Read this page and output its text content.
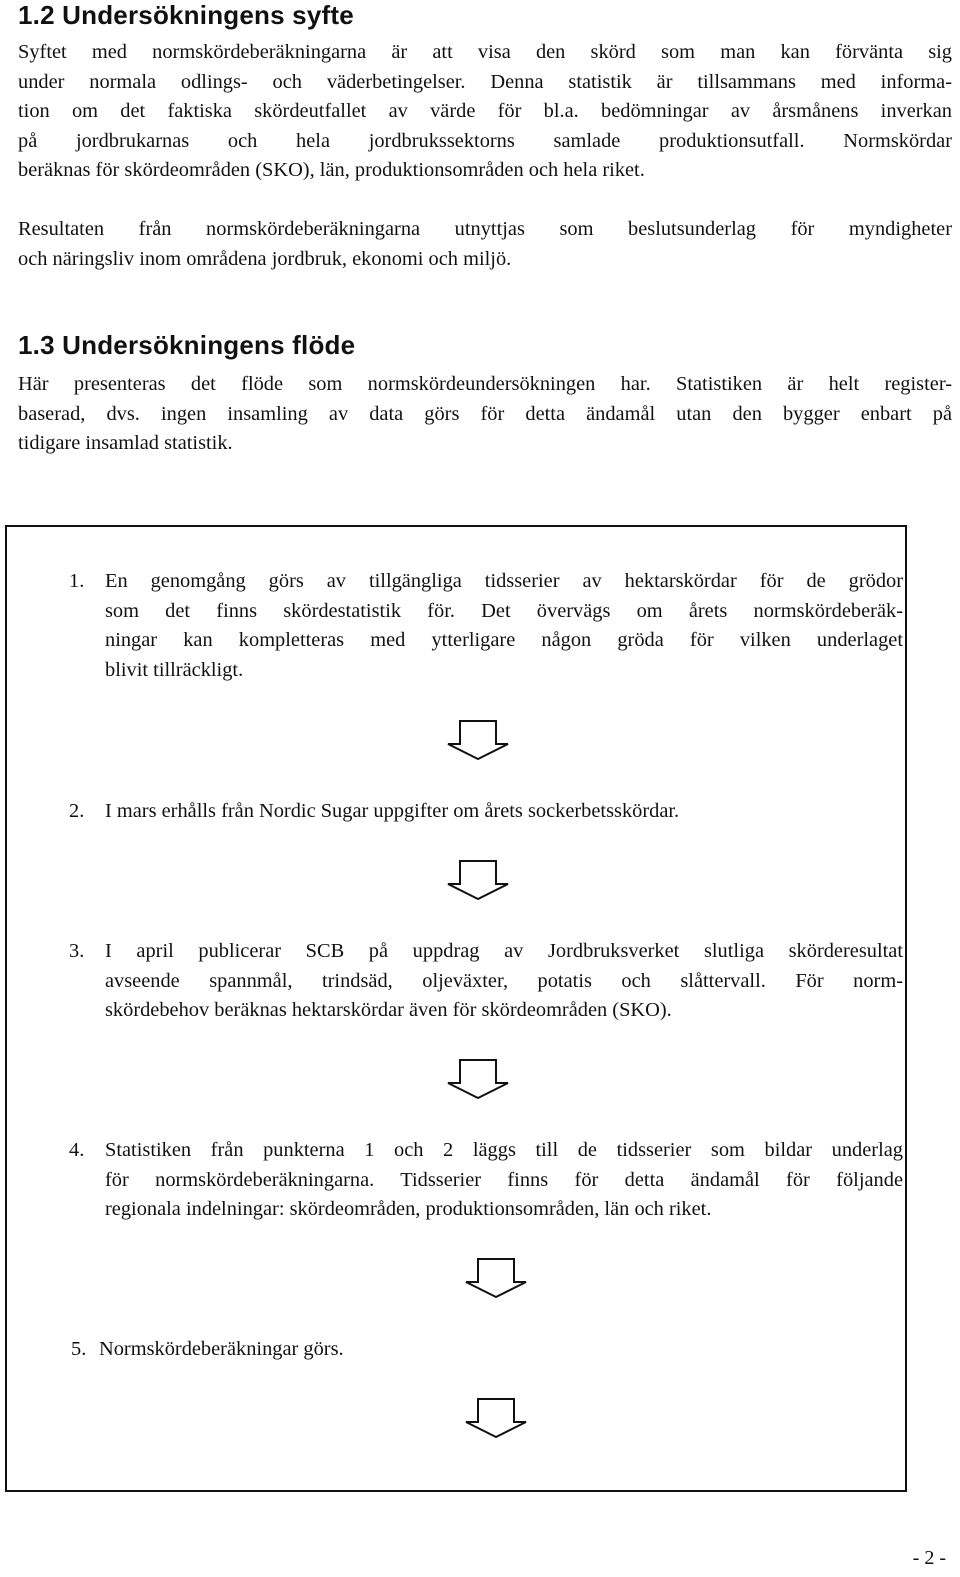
1.2 Undersökningens syfte

Syftet med normskördeberäkningarna är att visa den skörd som man kan förvänta sig
under normala odlings- och väderbetingelser. Denna statistik är tillsammans med informa-
tion om det faktiska skördeutfallet av värde för bl.a. bedömningar av årsmånens inverkan
på jordbrukarnas och hela jordbrukssektorns samlade produktionsutfall. Normskördar
beräknas för skördeområden (SKO), län, produktionsområden och hela riket.

Resultaten från normskördeberäkningarna utnyttjas som beslutsunderlag för myndigheter
och näringsliv inom områdena jordbruk, ekonomi och miljö.

1.3 Undersökningens flöde

Här presenteras det flöde som normskördeundersökningen har. Statistiken är helt register-
baserad, dvs. ingen insamling av data görs för detta ändamål utan den bygger enbart på
tidigare insamlad statistik.

1.	En genomgång görs av tillgängliga tidsserier av hektarskördar för de grödor
som det finns skördestatistik för. Det övervägs om årets normskördeberäk-
ningar kan kompletteras med ytterligare någon gröda för vilken underlaget
blivit tillräckligt.
2.	I mars erhålls från Nordic Sugar uppgifter om årets sockerbetsskördar.
3.	I april publicerar SCB på uppdrag av Jordbruksverket slutliga skörderesultat
avseende spannmål, trindsäd, oljeväxter, potatis och slåttervall. För norm-
skördebehov beräknas hektarskördar även för skördeområden (SKO).
4.	Statistiken från punkterna 1 och 2 läggs till de tidsserier som bildar underlag
för normskördeberäkningarna. Tidsserier finns för detta ändamål för följande
regionala indelningar: skördeområden, produktionsområden, län och riket.
5. Normskördeberäkningar görs.
- 2 -
